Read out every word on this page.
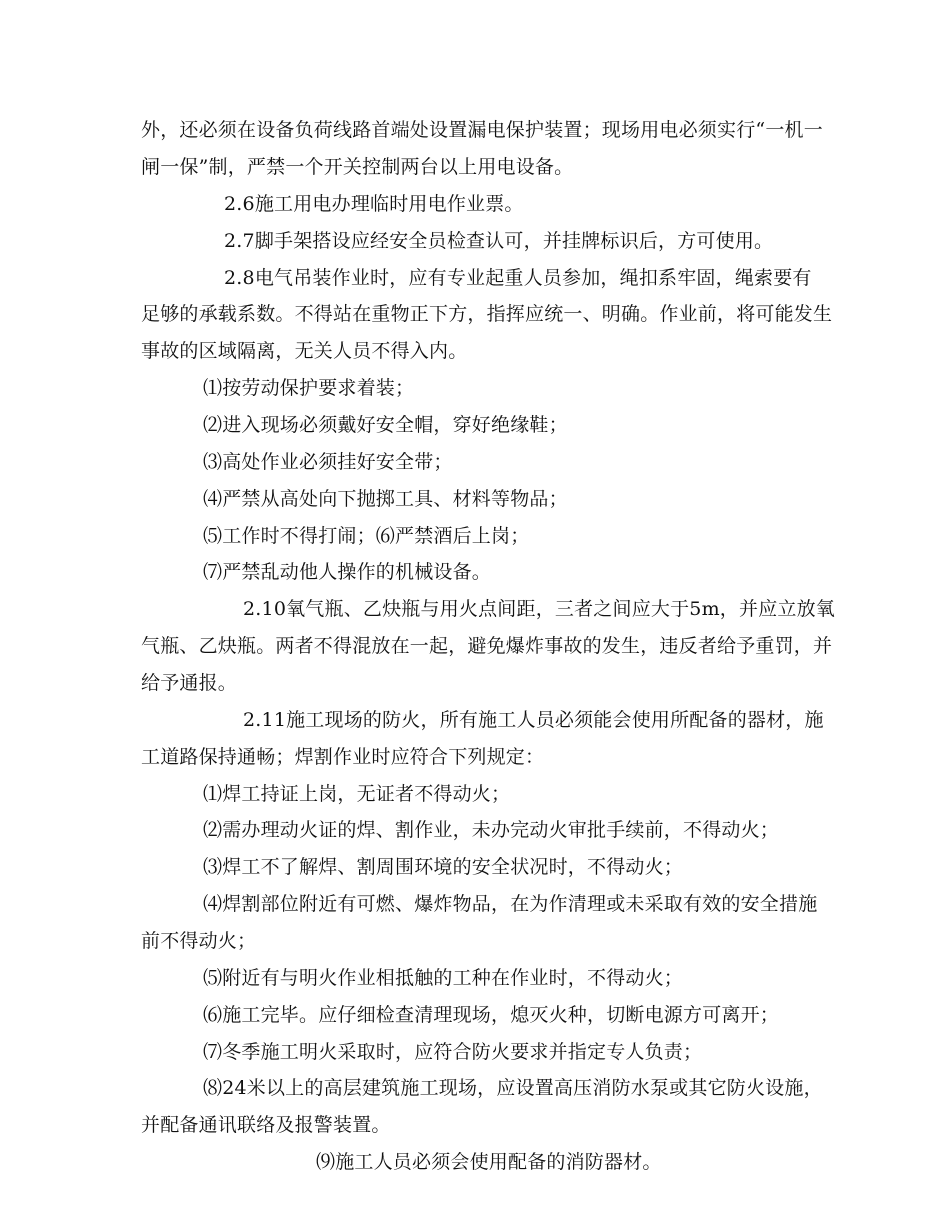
外，还必须在设备负荷线路首端处设置漏电保护装置；现场用电必须实行“一机一
闸一保”制，严禁一个开关控制两台以上用电设备。
2.6施工用电办理临时用电作业票。
2.7脚手架搭设应经安全员检查认可，并挂牌标识后，方可使用。
2.8电气吊装作业时，应有专业起重人员参加，绳扣系牢固，绳索要有
足够的承载系数。不得站在重物正下方，指挥应统一、明确。作业前，将可能发生
事故的区域隔离，无关人员不得入内。
⑴按劳动保护要求着装；
⑵进入现场必须戴好安全帽，穿好绝缘鞋；
⑶高处作业必须挂好安全带；
⑷严禁从高处向下抛掷工具、材料等物品；
⑸工作时不得打闹；⑹严禁酒后上岗；
⑺严禁乱动他人操作的机械设备。
2.10氧气瓶、乙炔瓶与用火点间距，三者之间应大于5m，并应立放氧
气瓶、乙炔瓶。两者不得混放在一起，避免爆炸事故的发生，违反者给予重罚，并
给予通报。
2.11施工现场的防火，所有施工人员必须能会使用所配备的器材，施
工道路保持通畅；焊割作业时应符合下列规定：
⑴焊工持证上岗，无证者不得动火；
⑵需办理动火证的焊、割作业，未办完动火审批手续前，不得动火；
⑶焊工不了解焊、割周围环境的安全状况时，不得动火；
⑷焊割部位附近有可燃、爆炸物品，在为作清理或未采取有效的安全措施
前不得动火；
⑸附近有与明火作业相抵触的工种在作业时，不得动火；
⑹施工完毕。应仔细检查清理现场，熄灭火种，切断电源方可离开；
⑺冬季施工明火采取时，应符合防火要求并指定专人负责；
⑻24米以上的高层建筑施工现场，应设置高压消防水泵或其它防火设施，
并配备通讯联络及报警装置。
⑼施工人员必须会使用配备的消防器材。
